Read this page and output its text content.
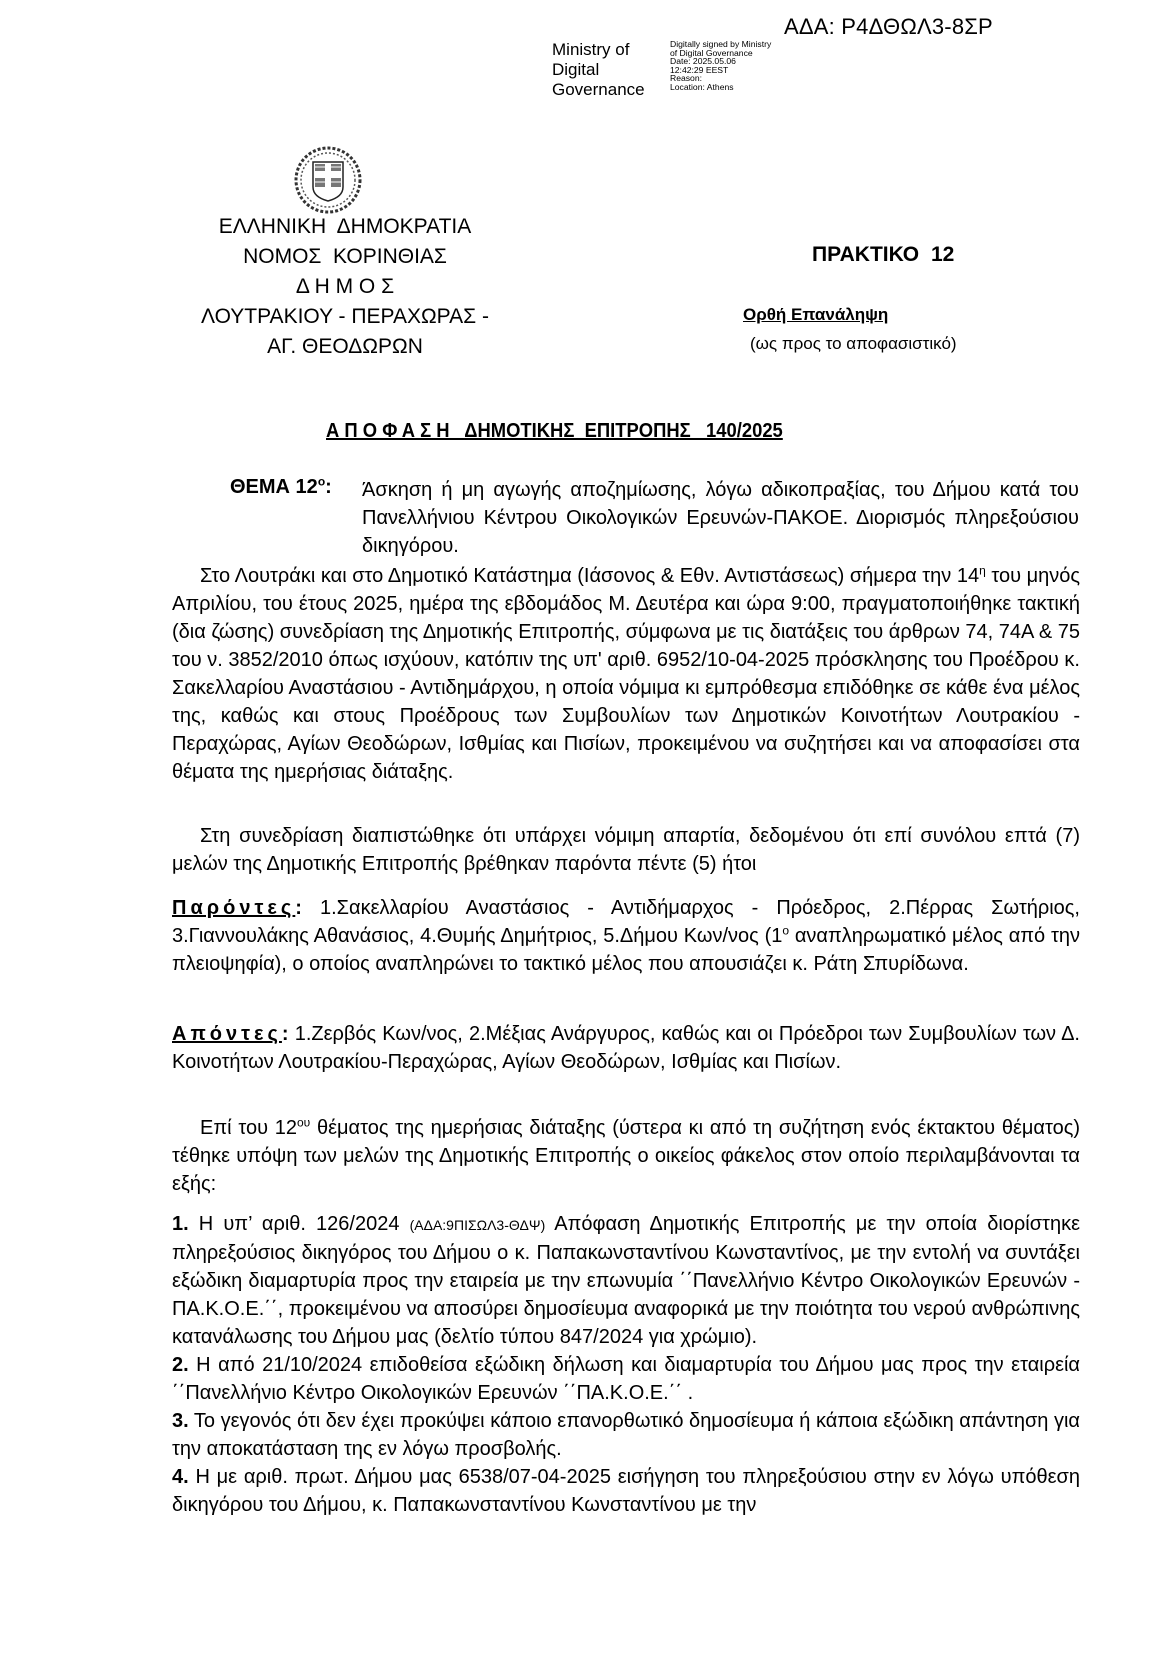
ΑΔΑ: Ρ4ΔΘΩΛ3-8ΣΡ
Ministry of
Digital
Governance
Digitally signed by Ministry
of Digital Governance
Date: 2025.05.06
12:42:29 EEST
Reason:
Location: Athens
ΕΛΛΗΝΙΚΗ  ΔΗΜΟΚΡΑΤΙΑ
ΝΟΜΟΣ  ΚΟΡΙΝΘΙΑΣ
Δ Η Μ Ο Σ
ΛΟΥΤΡΑΚΙΟΥ - ΠΕΡΑΧΩΡΑΣ -
ΑΓ. ΘΕΟΔΩΡΩΝ
ΠΡΑΚΤΙΚΟ 12
Ορθή Επανάληψη
(ως προς το αποφασιστικό)
Α Π Ο Φ Α Σ Η   ΔΗΜΟΤΙΚΗΣ  ΕΠΙΤΡΟΠΗΣ   140/2025
ΘΕΜΑ $12^o$: Άσκηση ή μη αγωγής αποζημίωσης, λόγω αδικοπραξίας, του Δήμου κατά του Πανελλήνιου Κέντρου Οικολογικών Ερευνών-ΠΑΚΟΕ. Διορισμός πληρεξούσιου δικηγόρου.

Στο Λουτράκι και στο Δημοτικό Κατάστημα (Ιάσονος & Εθν. Αντιστάσεως) σήμερα την $14^\eta$ του μηνός Απριλίου, του έτους 2025, ημέρα της εβδομάδος Μ. Δευτέρα και ώρα 9:00, πραγματοποιήθηκε τακτική (δια ζώσης) συνεδρίαση της Δημοτικής Επιτροπής, σύμφωνα με τις διατάξεις του άρθρων 74, 74Α & 75 του ν. 3852/2010 όπως ισχύουν, κατόπιν της υπ' αριθ. 6952/10-04-2025 πρόσκλησης του Προέδρου κ. Σακελλαρίου Αναστάσιου - Αντιδημάρχου, η οποία νόμιμα κι εμπρόθεσμα επιδόθηκε σε κάθε ένα μέλος της, καθώς και στους Προέδρους των Συμβουλίων των Δημοτικών Κοινοτήτων Λουτρακίου - Περαχώρας, Αγίων Θεοδώρων, Ισθμίας και Πισίων, προκειμένου να συζητήσει και να αποφασίσει στα θέματα της ημερήσιας διάταξης.

Στη συνεδρίαση διαπιστώθηκε ότι υπάρχει νόμιμη απαρτία, δεδομένου ότι επί συνόλου επτά (7) μελών της Δημοτικής Επιτροπής βρέθηκαν παρόντα πέντε (5) ήτοι

Παρόντες: 1.Σακελλαρίου Αναστάσιος - Αντιδήμαρχος - Πρόεδρος, 2.Πέρρας Σωτήριος, 3.Γιαννουλάκης Αθανάσιος, 4.Θυμής Δημήτριος, 5.Δήμου Κων/νος ($1^o$ αναπληρωματικό μέλος από την πλειοψηφία), ο οποίος αναπληρώνει το τακτικό μέλος που απουσιάζει κ. Ράτη Σπυρίδωνα.

Απόντες: 1.Ζερβός Κων/νος, 2.Μέξιας Ανάργυρος, καθώς και οι Πρόεδροι των Συμβουλίων των Δ. Κοινοτήτων Λουτρακίου-Περαχώρας, Αγίων Θεοδώρων, Ισθμίας και Πισίων.

Επί του $12^{o\upsilon}$ θέματος της ημερήσιας διάταξης (ύστερα κι από τη συζήτηση ενός έκτακτου θέματος) τέθηκε υπόψη των μελών της Δημοτικής Επιτροπής ο οικείος φάκελος στον οποίο περιλαμβάνονται τα εξής:

1. Η υπ’ αριθ. 126/2024 (ΑΔΑ:9ΠΙΣΩΛ3-ΘΔΨ) Απόφαση Δημοτικής Επιτροπής με την οποία διορίστηκε πληρεξούσιος δικηγόρος του Δήμου ο κ. Παπακωνσταντίνου Κωνσταντίνος, με την εντολή να συντάξει εξώδικη διαμαρτυρία προς την εταιρεία με την επωνυμία ΄΄Πανελλήνιο Κέντρο Οικολογικών Ερευνών - ΠΑ.Κ.Ο.Ε.΄΄, προκειμένου να αποσύρει δημοσίευμα αναφορικά με την ποιότητα του νερού ανθρώπινης κατανάλωσης του Δήμου μας (δελτίο τύπου 847/2024 για χρώμιο).

2. Η από 21/10/2024 επιδοθείσα εξώδικη δήλωση και διαμαρτυρία του Δήμου μας προς την εταιρεία ΄΄Πανελλήνιο Κέντρο Οικολογικών Ερευνών ΄΄ΠΑ.Κ.Ο.Ε.΄΄ .

3. Το γεγονός ότι δεν έχει προκύψει κάποιο επανορθωτικό δημοσίευμα ή κάποια εξώδικη απάντηση για την αποκατάσταση της εν λόγω προσβολής.

4. Η με αριθ. πρωτ. Δήμου μας 6538/07-04-2025 εισήγηση του πληρεξούσιου στην εν λόγω υπόθεση δικηγόρου του Δήμου, κ. Παπακωνσταντίνου Κωνσταντίνου με την
